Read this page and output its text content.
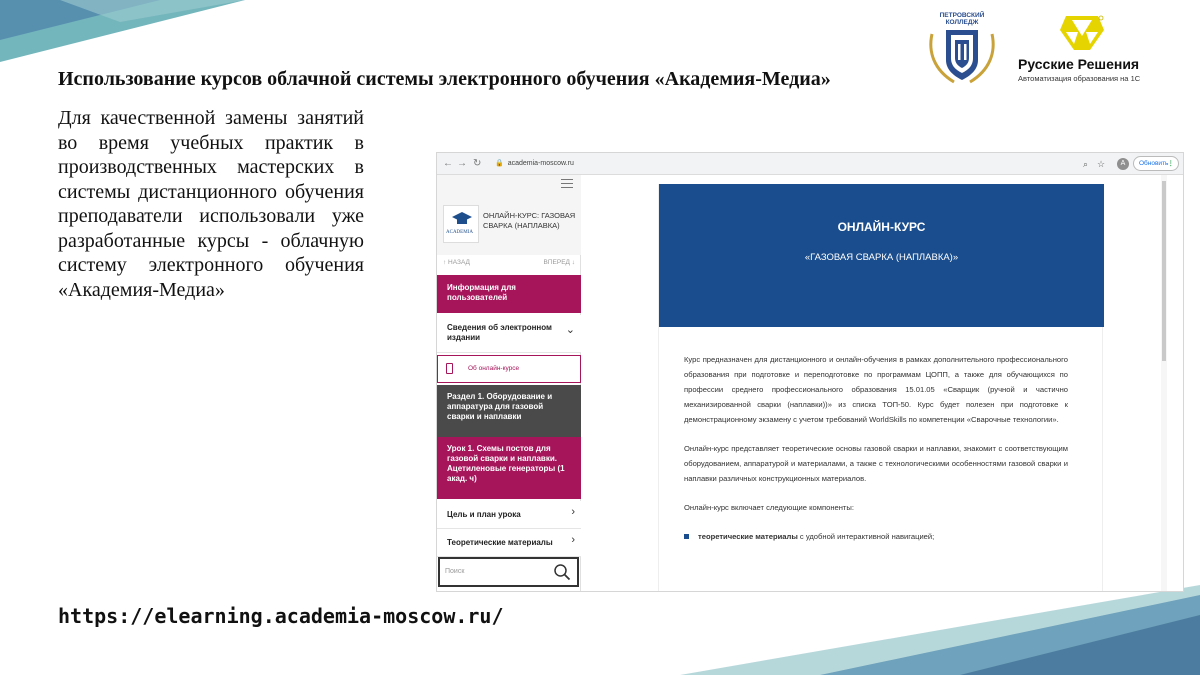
Использование курсов облачной системы электронного обучения «Академия-Медиа»
Для качественной замены занятий во время учебных практик в производственных мастерских в системы дистанционного обучения преподаватели использовали уже разработанные курсы - облачную систему электронного обучения «Академия-Медиа»
https://elearning.academia-moscow.ru/
ПЕТРОВСКИЙ
КОЛЛЕДЖ
Русские Решения
Автоматизация образования на 1С
← → ↻ 🔒 academia-moscow.ru	⌕ ☆	А	Обновить ⋮
ACADEMIA
ОНЛАЙН-КУРС: ГАЗОВАЯ СВАРКА (НАПЛАВКА)
↑ НАЗАД	ВПЕРЕД ↓
Информация для пользователей
Сведения об электронном издании
⌄
Об онлайн-курсе
Раздел 1. Оборудование и аппаратура для газовой сварки и наплавки
Урок 1. Схемы постов для газовой сварки и наплавки. Ацетиленовые генераторы (1 акад. ч)
Цель и план урока	›
Теоретические материалы ›
Поиск
ОНЛАЙН-КУРС
«ГАЗОВАЯ СВАРКА (НАПЛАВКА)»

Курс предназначен для дистанционного и онлайн-обучения в рамках дополнительного профессионального образования при подготовке и переподготовке по программам ЦОПП, а также для обучающихся по профессии среднего профессионального образования 15.01.05 «Сварщик (ручной и частично механизированной сварки (наплавки))» из списка ТОП-50. Курс будет полезен при подготовке к демонстрационному экзамену с учетом требований WorldSkills по компетенции «Сварочные технологии».

Онлайн-курс представляет теоретические основы газовой сварки и наплавки, знакомит с соответствующим оборудованием, аппаратурой и материалами, а также с технологическими особенностями газовой сварки и наплавки различных конструкционных материалов.

Онлайн-курс включает следующие компоненты:

теоретические материалы с удобной интерактивной навигацией;
